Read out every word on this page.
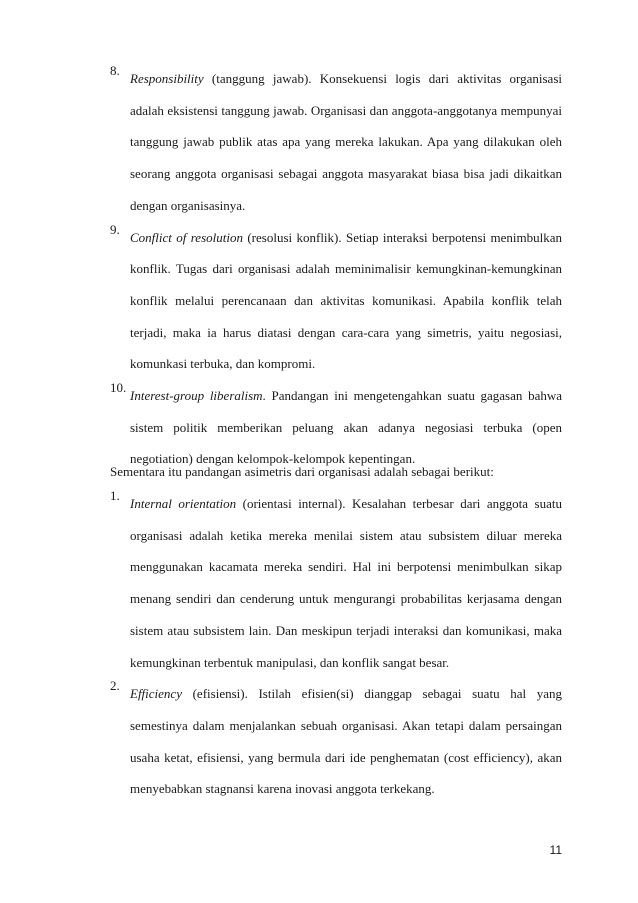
8.
Responsibility (tanggung jawab). Konsekuensi logis dari aktivitas organisasi adalah eksistensi tanggung jawab. Organisasi dan anggota-anggotanya mempunyai tanggung jawab publik atas apa yang mereka lakukan. Apa yang dilakukan oleh seorang anggota organisasi sebagai anggota masyarakat biasa bisa jadi dikaitkan dengan organisasinya.
9.
Conflict of resolution (resolusi konflik). Setiap interaksi berpotensi menimbulkan konflik. Tugas dari organisasi adalah meminimalisir kemungkinan-kemungkinan konflik melalui perencanaan dan aktivitas komunikasi. Apabila konflik telah terjadi, maka ia harus diatasi dengan cara-cara yang simetris, yaitu negosiasi, komunkasi terbuka, dan kompromi.
10.
Interest-group liberalism. Pandangan ini mengetengahkan suatu gagasan bahwa sistem politik memberikan peluang akan adanya negosiasi terbuka (open negotiation) dengan kelompok-kelompok kepentingan.
Sementara itu pandangan asimetris dari organisasi adalah sebagai berikut:
1.
Internal orientation (orientasi internal). Kesalahan terbesar dari anggota suatu organisasi adalah ketika mereka menilai sistem atau subsistem diluar mereka menggunakan kacamata mereka sendiri. Hal ini berpotensi menimbulkan sikap menang sendiri dan cenderung untuk mengurangi probabilitas kerjasama dengan sistem atau subsistem lain. Dan meskipun terjadi interaksi dan komunikasi, maka kemungkinan terbentuk manipulasi, dan konflik sangat besar.
2.
Efficiency (efisiensi). Istilah efisien(si) dianggap sebagai suatu hal yang semestinya dalam menjalankan sebuah organisasi. Akan tetapi dalam persaingan usaha ketat, efisiensi, yang bermula dari ide penghematan (cost efficiency), akan menyebabkan stagnansi karena inovasi anggota terkekang.
11
